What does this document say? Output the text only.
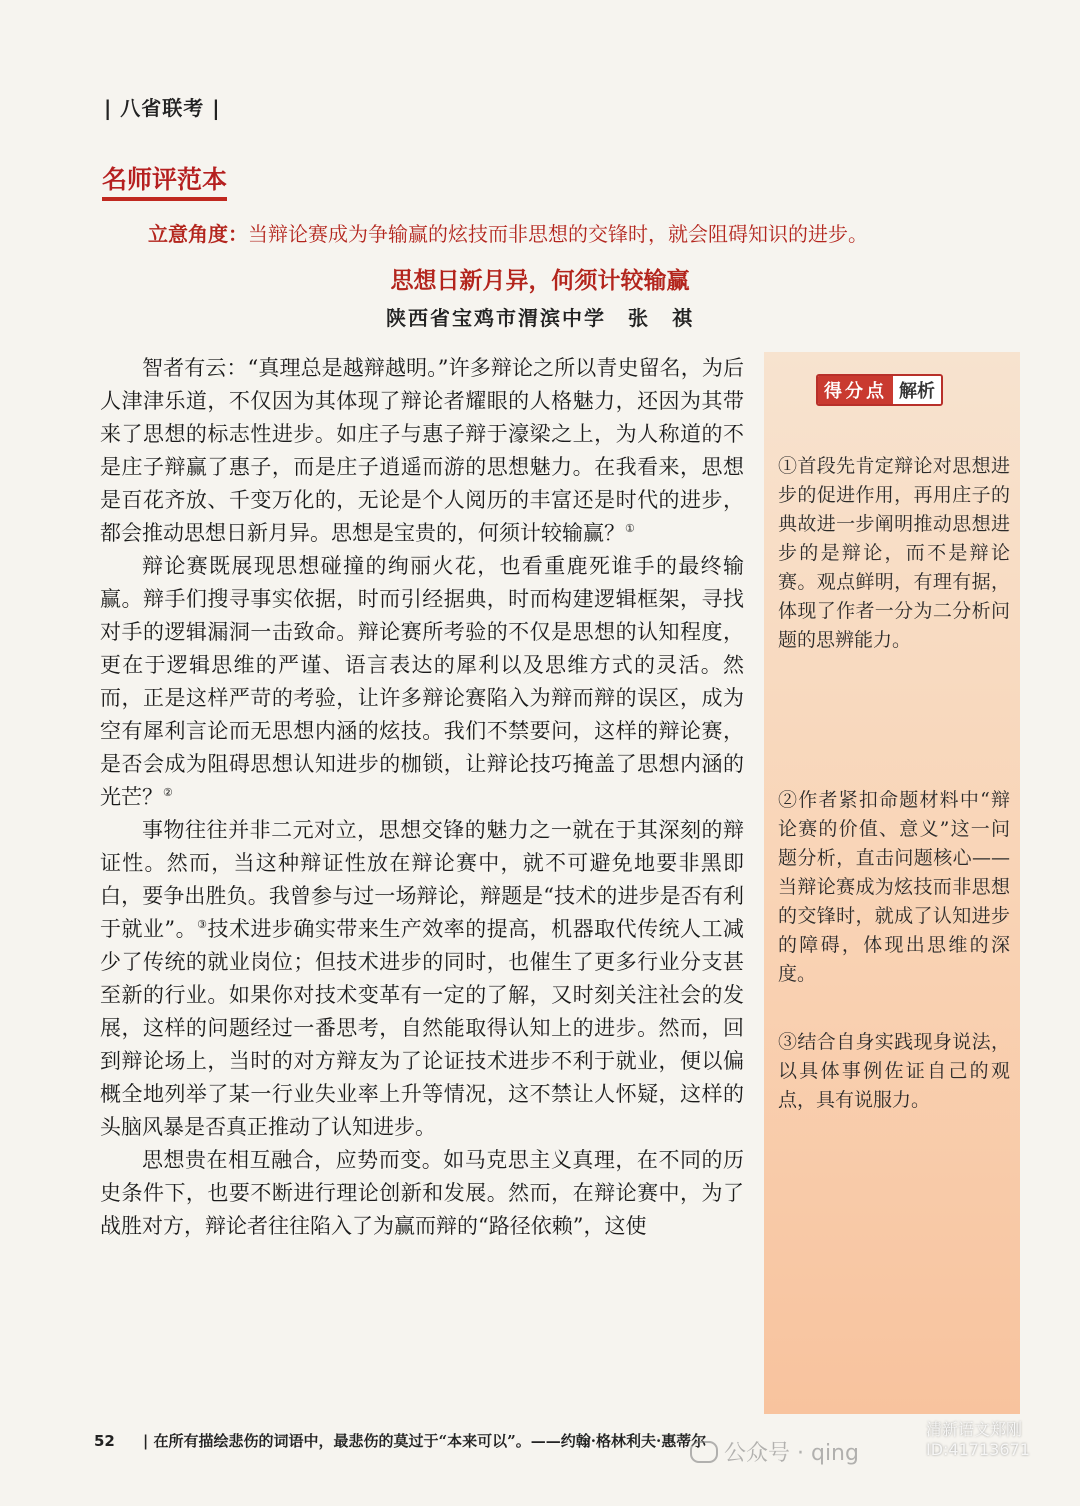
| 八省联考 |
名师评范本
立意角度：当辩论赛成为争输赢的炫技而非思想的交锋时，就会阻碍知识的进步。
思想日新月异，何须计较输赢
陕西省宝鸡市渭滨中学　张　祺

智者有云：“真理总是越辩越明。”许多辩论之所以青史留名，为后人津津乐道，不仅因为其体现了辩论者耀眼的人格魅力，还因为其带来了思想的标志性进步。如庄子与惠子辩于濠梁之上，为人称道的不是庄子辩赢了惠子，而是庄子逍遥而游的思想魅力。在我看来，思想是百花齐放、千变万化的，无论是个人阅历的丰富还是时代的进步，都会推动思想日新月异。思想是宝贵的，何须计较输赢？①

辩论赛既展现思想碰撞的绚丽火花，也看重鹿死谁手的最终输赢。辩手们搜寻事实依据，时而引经据典，时而构建逻辑框架，寻找对手的逻辑漏洞一击致命。辩论赛所考验的不仅是思想的认知程度，更在于逻辑思维的严谨、语言表达的犀利以及思维方式的灵活。然而，正是这样严苛的考验，让许多辩论赛陷入为辩而辩的误区，成为空有犀利言论而无思想内涵的炫技。我们不禁要问，这样的辩论赛，是否会成为阻碍思想认知进步的枷锁，让辩论技巧掩盖了思想内涵的光芒？②

事物往往并非二元对立，思想交锋的魅力之一就在于其深刻的辩证性。然而，当这种辩证性放在辩论赛中，就不可避免地要非黑即白，要争出胜负。我曾参与过一场辩论，辩题是“技术的进步是否有利于就业”。③技术进步确实带来生产效率的提高，机器取代传统人工减少了传统的就业岗位；但技术进步的同时，也催生了更多行业分支甚至新的行业。如果你对技术变革有一定的了解，又时刻关注社会的发展，这样的问题经过一番思考，自然能取得认知上的进步。然而，回到辩论场上，当时的对方辩友为了论证技术进步不利于就业，便以偏概全地列举了某一行业失业率上升等情况，这不禁让人怀疑，这样的头脑风暴是否真正推动了认知进步。

思想贵在相互融合，应势而变。如马克思主义真理，在不同的历史条件下，也要不断进行理论创新和发展。然而，在辩论赛中，为了战胜对方，辩论者往往陷入了为赢而辩的“路径依赖”，这使

得分点 解析
①首段先肯定辩论对思想进步的促进作用，再用庄子的典故进一步阐明推动思想进步的是辩论，而不是辩论赛。观点鲜明，有理有据，体现了作者一分为二分析问题的思辨能力。
②作者紧扣命题材料中“辩论赛的价值、意义”这一问题分析，直击问题核心——当辩论赛成为炫技而非思想的交锋时，就成了认知进步的障碍，体现出思维的深度。
③结合自身实践现身说法，以具体事例佐证自己的观点，具有说服力。
52 | 在所有描绘悲伤的词语中，最悲伤的莫过于“本来可以”。——约翰·格林利夫·惠蒂尔 公众号 · qing
清新语文郑刚
ID:41713671
